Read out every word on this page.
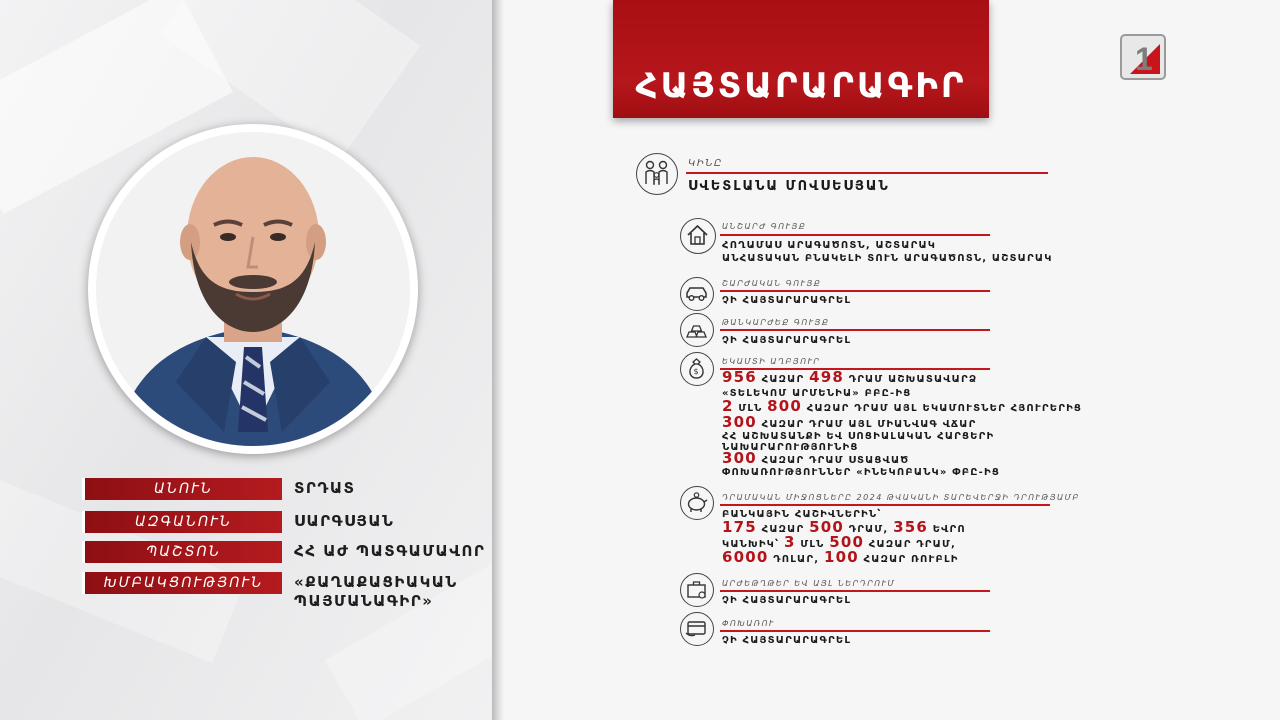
ԱՆՈՒՆ	ՏՐԴԱՏ
ԱԶԳԱՆՈՒՆ	ՍԱՐԳՍՅԱՆ
ՊԱՇՏՈՆ	ՀՀ ԱԺ ՊԱՏԳԱՄԱՎՈՐ
ԽՄԲԱԿՑՈՒԹՅՈՒՆ	«ՔԱՂԱՔԱՑԻԱԿԱՆ
ՊԱՅՄԱՆԱԳԻՐ»
ՀԱՅՏԱՐԱՐԱԳԻՐ
1
ԿԻՆԸ
ՍՎԵՏԼԱՆԱ ՄՈՎՍԵՍՅԱՆ
ԱՆՇԱՐԺ ԳՈՒՅՔ
ՀՈՂԱՄԱՍ ԱՐԱԳԱԾՈՏՆ, ԱՇՏԱՐԱԿ
ԱՆՀԱՏԱԿԱՆ ԲՆԱԿԵԼԻ ՏՈՒՆ ԱՐԱԳԱԾՈՏՆ, ԱՇՏԱՐԱԿ
ՇԱՐԺԱԿԱՆ ԳՈՒՅՔ
ՉԻ ՀԱՅՏԱՐԱՐԱԳՐԵԼ
ԹԱՆԿԱՐԺԵՔ ԳՈՒՅՔ
ՉԻ ՀԱՅՏԱՐԱՐԱԳՐԵԼ
$
ԵԿԱՄՏԻ ԱՂԲՅՈՒՐ
956 ՀԱԶԱՐ 498 ԴՐԱՄ ԱՇԽԱՏԱՎԱՐՁ
«ՏԵԼԵԿՈՄ ԱՐՄԵՆԻԱ» ԲԲԸ-ԻՑ
2 ՄԼՆ 800 ՀԱԶԱՐ ԴՐԱՄ ԱՅԼ ԵԿԱՄՈՒՏՆԵՐ ՀՅՈՒՐԵՐԻՑ
300 ՀԱԶԱՐ ԴՐԱՄ ԱՅԼ ՄԻԱՆՎԱԳ ՎՃԱՐ
ՀՀ ԱՇԽԱՏԱՆՔԻ ԵՎ ՍՈՑԻԱԼԱԿԱՆ ՀԱՐՑԵՐԻ
ՆԱԽԱՐԱՐՈՒԹՅՈՒՆԻՑ
300 ՀԱԶԱՐ ԴՐԱՄ ՍՏԱՑՎԱԾ
ՓՈԽԱՌՈՒԹՅՈՒՆՆԵՐ «ԻՆԵԿՈԲԱՆԿ» ՓԲԸ-ԻՑ
ԴՐԱՄԱԿԱՆ ՄԻՋՈՑՆԵՐԸ 2024 ԹՎԱԿԱՆԻ ՏԱՐԵՎԵՐՋԻ ԴՐՈՒԹՅԱՄԲ
ԲԱՆԿԱՅԻՆ ՀԱՇԻՎՆԵՐԻՆ՝
175 ՀԱԶԱՐ 500 ԴՐԱՄ, 356 ԵՎՐՈ
ԿԱՆԽԻԿ՝ 3 ՄԼՆ 500 ՀԱԶԱՐ ԴՐԱՄ,
6000 ԴՈԼԱՐ, 100 ՀԱԶԱՐ ՌՈՒԲԼԻ
ԱՐԺԵԹՂԹԵՐ ԵՎ ԱՅԼ ՆԵՐԴՐՈՒՄ
ՉԻ ՀԱՅՏԱՐԱՐԱԳՐԵԼ
ՓՈԽԱՌՈՒ
ՉԻ ՀԱՅՏԱՐԱՐԱԳՐԵԼ
